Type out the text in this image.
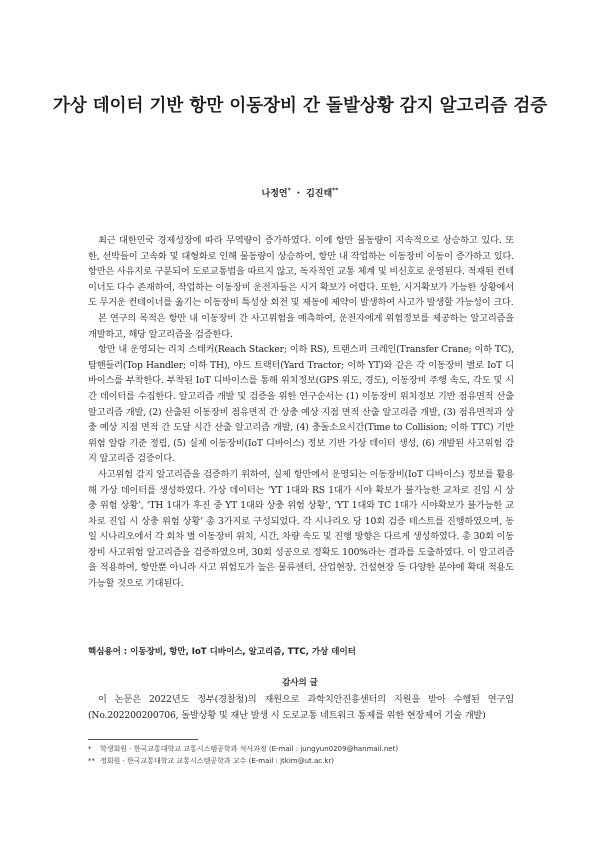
가상 데이터 기반 항만 이동장비 간 돌발상황 감지 알고리즘 검증
나정연* ・ 김진태**

최근 대한민국 경제성장에 따라 무역량이 증가하였다. 이에 항만 물동량이 지속적으로 상승하고 있다. 또한, 선박들이 고속화 및 대형화로 인해 물동량이 상승하여, 항만 내 작업하는 이동장비 이동이 증가하고 있다. 항만은 사유지로 구분되어 도로교통법을 따르지 않고, 독자적인 교통 체계 및 비신호로 운영된다. 적재된 컨테이너도 다수 존재하여, 작업하는 이동장비 운전자들은 시거 확보가 어렵다. 또한, 시거확보가 가능한 상황에서도 무거운 컨테이너를 옮기는 이동장비 특성상 회전 및 제동에 제약이 발생하여 사고가 발생할 가능성이 크다.

본 연구의 목적은 항만 내 이동장비 간 사고위험을 예측하여, 운전자에게 위험정보를 제공하는 알고리즘을 개발하고, 해당 알고리즘을 검증한다.

항만 내 운영되는 리치 스태커(Reach Stacker; 이하 RS), 트랜스퍼 크레인(Transfer Crane; 이하 TC), 탑핸들러(Top Handler; 이하 TH), 야드 트랙터(Yard Tractor; 이하 YT)와 같은 각 이동장비 별로 IoT 디바이스를 부착한다. 부착된 IoT 디바이스를 통해 위치정보(GPS 위도, 경도), 이동장비 주행 속도, 각도 및 시간 데이터를 수집한다. 알고리즘 개발 및 검증을 위한 연구순서는 (1) 이동장비 위치정보 기반 점유면적 산출 알고리즘 개발, (2) 산출된 이동장비 점유면적 간 상충 예상 지점 면적 산출 알고리즘 개발, (3) 점유면적과 상충 예상 지점 면적 간 도달 시간 산출 알고리즘 개발, (4) 충돌소요시간(Time to Collision; 이하 TTC) 기반 위험 알람 기준 정립, (5) 실제 이동장비(IoT 디바이스) 정보 기반 가상 데이터 생성, (6) 개발된 사고위험 감지 알고리즘 검증이다.

사고위험 감지 알고리즘을 검증하기 위하여, 실제 항만에서 운영되는 이동장비(IoT 디바이스) 정보를 활용해 가상 데이터를 생성하였다. 가상 데이터는 ‘YT 1대와 RS 1대가 시야 확보가 불가능한 교차로 진입 시 상충 위험 상황’, ‘TH 1대가 후진 중 YT 1대와 상충 위험 상황’, ‘YT 1대와 TC 1대가 시야확보가 불가능한 교차로 진입 시 상충 위험 상황’ 총 3가지로 구성되었다. 각 시나리오 당 10회 검증 테스트를 진행하였으며, 동일 시나리오에서 각 회차 별 이동장비 위치, 시간, 차량 속도 및 진행 방향은 다르게 생성하였다. 총 30회 이동장비 사고위험 알고리즘을 검증하였으며, 30회 성공으로 정확도 100%라는 결과를 도출하였다. 이 알고리즘을 적용하여, 항만뿐 아니라 사고 위험도가 높은 물류센터, 산업현장, 건설현장 등 다양한 분야에 확대 적용도 가능할 것으로 기대된다.

핵심용어 : 이동장비, 항만, IoT 디바이스, 알고리즘, TTC, 가상 데이터
감사의 글
이 논문은 2022년도 정부(경찰청)의 재원으로 과학치안진흥센터의 지원을 받아 수행된 연구임 (No.202200200706, 돌발상황 및 재난 발생 시 도로교통 네트워크 통제를 위한 현장제어 기술 개발)
* 학생회원 · 한국교통대학교 교통시스템공학과 석사과정 (E-mail : jungyun0209@hanmail.net)
** 정회원 · 한국교통대학교 교통시스템공학과 교수 (E-mail : jtkim@ut.ac.kr)
